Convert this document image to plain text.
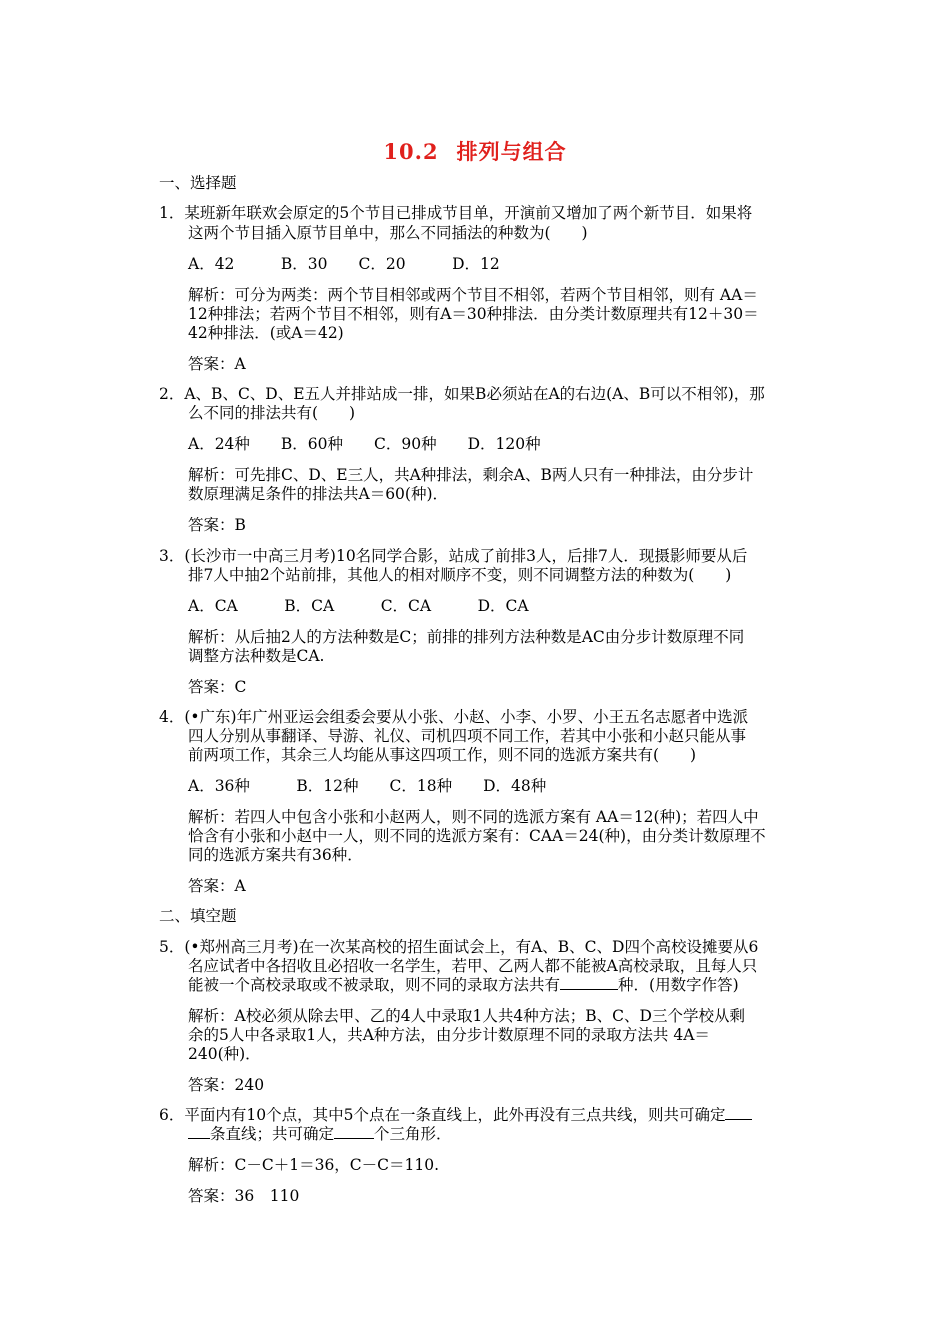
10.2 排列与组合
一、选择题
1．某班新年联欢会原定的5个节目已排成节目单，开演前又增加了两个新节目．如果将
这两个节目插入原节目单中，那么不同插法的种数为(　　)
A．42　　　B．30　　C．20　　　D．12
解析：可分为两类：两个节目相邻或两个节目不相邻，若两个节目相邻，则有 AA＝
12种排法；若两个节目不相邻，则有A＝30种排法．由分类计数原理共有12＋30＝
42种排法．(或A＝42)
答案：A
2．A、B、C、D、E五人并排站成一排，如果B必须站在A的右边(A、B可以不相邻)，那
么不同的排法共有(　　)
A．24种　　B．60种　　C．90种　　D．120种
解析：可先排C、D、E三人，共A种排法，剩余A、B两人只有一种排法，由分步计
数原理满足条件的排法共A＝60(种)．
答案：B
3．(长沙市一中高三月考)10名同学合影，站成了前排3人，后排7人．现摄影师要从后
排7人中抽2个站前排，其他人的相对顺序不变，则不同调整方法的种数为(　　)
A．CA　　　B．CA　　　C．CA　　　D．CA
解析：从后抽2人的方法种数是C；前排的排列方法种数是AC由分步计数原理不同
调整方法种数是CA.
答案：C
4．(•广东)年广州亚运会组委会要从小张、小赵、小李、小罗、小王五名志愿者中选派
四人分别从事翻译、导游、礼仪、司机四项不同工作，若其中小张和小赵只能从事
前两项工作，其余三人均能从事这四项工作，则不同的选派方案共有(　　)
A．36种　　　B．12种　　C．18种　　D．48种
解析：若四人中包含小张和小赵两人，则不同的选派方案有 AA＝12(种)；若四人中
恰含有小张和小赵中一人，则不同的选派方案有：CAA＝24(种)，由分类计数原理不
同的选派方案共有36种．
答案：A
二、填空题
5．(•郑州高三月考)在一次某高校的招生面试会上，有A、B、C、D四个高校设摊要从6
名应试者中各招收且必招收一名学生，若甲、乙两人都不能被A高校录取，且每人只
能被一个高校录取或不被录取，则不同的录取方法共有	种．(用数字作答)
解析：A校必须从除去甲、乙的4人中录取1人共4种方法；B、C、D三个学校从剩
余的5人中各录取1人，共A种方法，由分步计数原理不同的录取方法共 4A＝
240(种)．
答案：240
6．平面内有10个点，其中5个点在一条直线上，此外再没有三点共线，则共可确定
条直线；共可确定	个三角形．
解析：C－C＋1＝36，C－C＝110.
答案：36　110
